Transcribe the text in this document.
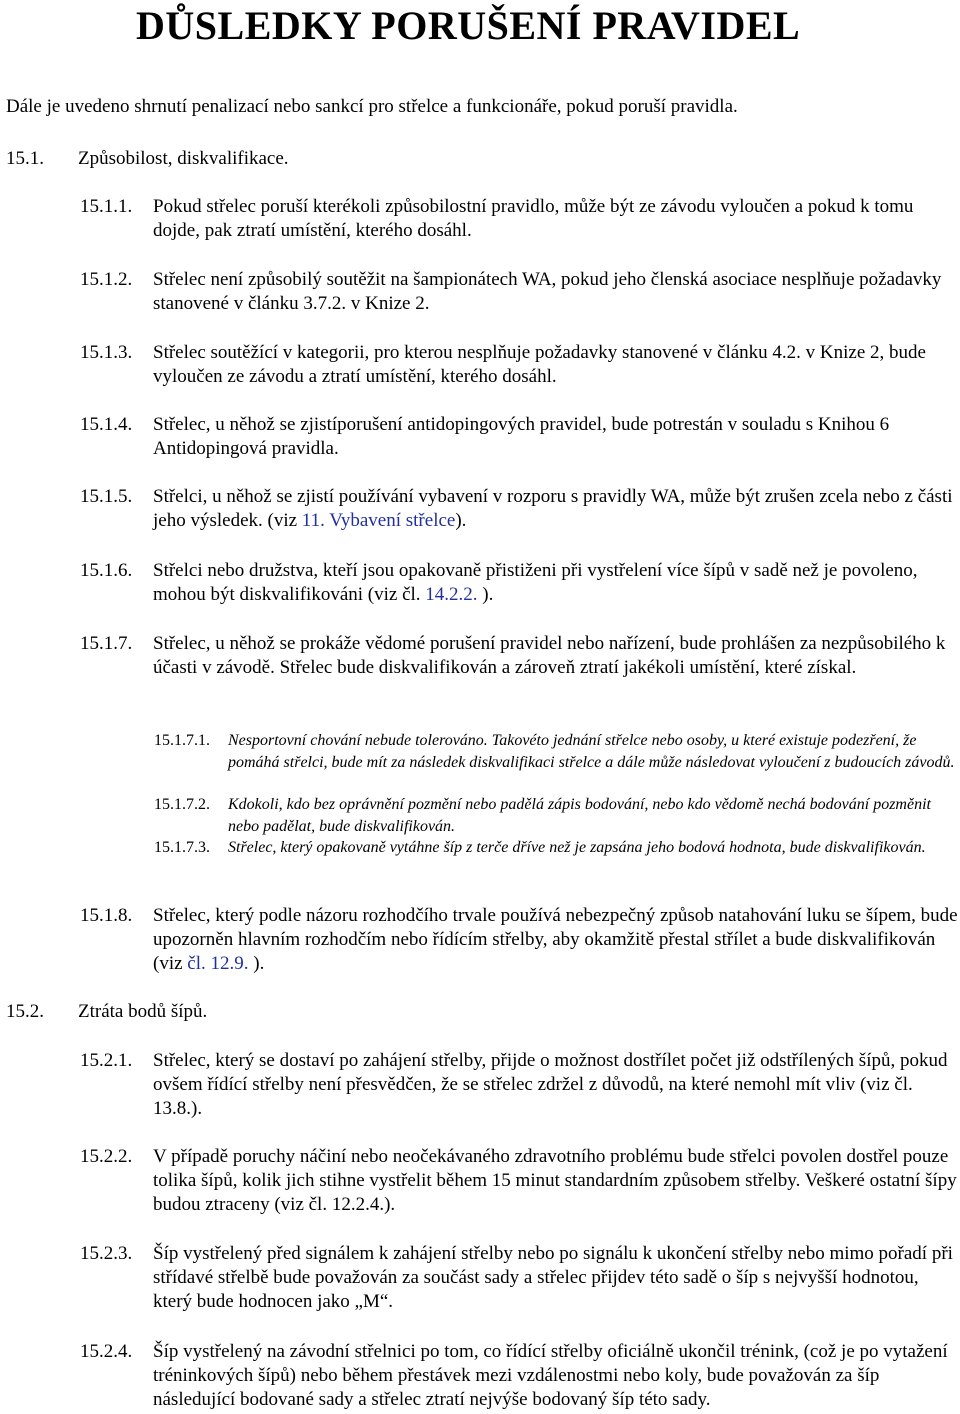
DŮSLEDKY PORUŠENÍ PRAVIDEL
Dále je uvedeno shrnutí penalizací nebo sankcí pro střelce a funkcionáře, pokud poruší pravidla.
15.1. Způsobilost, diskvalifikace.
15.1.1. Pokud střelec poruší kterékoli způsobilostní pravidlo, může být ze závodu vyloučen a pokud k tomu dojde, pak ztratí umístění, kterého dosáhl.
15.1.2. Střelec není způsobilý soutěžit na šampionátech WA, pokud jeho členská asociace nesplňuje požadavky stanovené v článku 3.7.2. v Knize 2.
15.1.3. Střelec soutěžící v kategorii, pro kterou nesplňuje požadavky stanovené v článku 4.2. v Knize 2, bude vyloučen ze závodu a ztratí umístění, kterého dosáhl.
15.1.4. Střelec, u něhož se zjistíporušení antidopingových pravidel, bude potrestán v souladu s Knihou 6 Antidopingová pravidla.
15.1.5. Střelci, u něhož se zjistí používání vybavení v rozporu s pravidly WA, může být zrušen zcela nebo z části jeho výsledek. (viz 11. Vybavení střelce).
15.1.6. Střelci nebo družstva, kteří jsou opakovaně přistiženi při vystřelení více šípů v sadě než je povoleno, mohou být diskvalifikováni (viz čl. 14.2.2. ).
15.1.7. Střelec, u něhož se prokáže vědomé porušení pravidel nebo nařízení, bude prohlášen za nezpůsobilého k účasti v závodě. Střelec bude diskvalifikován a zároveň ztratí jakékoli umístění, které získal.
15.1.7.1. Nesportovní chování nebude tolerováno. Takovéto jednání střelce nebo osoby, u které existuje podezření, že pomáhá střelci, bude mít za následek diskvalifikaci střelce a dále může následovat vyloučení z budoucích závodů.
15.1.7.2. Kdokoli, kdo bez oprávnění pozmění nebo padělá zápis bodování, nebo kdo vědomě nechá bodování pozměnit nebo padělat, bude diskvalifikován.
15.1.7.3. Střelec, který opakovaně vytáhne šíp z terče dříve než je zapsána jeho bodová hodnota, bude diskvalifikován.
15.1.8. Střelec, který podle názoru rozhodčího trvale používá nebezpečný způsob natahování luku se šípem, bude upozorněn hlavním rozhodčím nebo řídícím střelby, aby okamžitě přestal střílet a bude diskvalifikován (viz čl. 12.9. ).
15.2. Ztráta bodů šípů.
15.2.1. Střelec, který se dostaví po zahájení střelby, přijde o možnost dostřílet počet již odstřílených šípů, pokud ovšem řídící střelby není přesvědčen, že se střelec zdržel z důvodů, na které nemohl mít vliv (viz čl. 13.8.).
15.2.2. V případě poruchy náčiní nebo neočekávaného zdravotního problému bude střelci povolen dostřel pouze tolika šípů, kolik jich stihne vystřelit během 15 minut standardním způsobem střelby. Veškeré ostatní šípy budou ztraceny (viz čl. 12.2.4.).
15.2.3. Šíp vystřelený před signálem k zahájení střelby nebo po signálu k ukončení střelby nebo mimo pořadí při střídavé střelbě bude považován za součást sady a střelec přijdev této sadě o šíp s nejvyšší hodnotou, který bude hodnocen jako „M“.
15.2.4. Šíp vystřelený na závodní střelnici po tom, co řídící střelby oficiálně ukončil trénink, (což je po vytažení tréninkových šípů) nebo během přestávek mezi vzdálenostmi nebo koly, bude považován za šíp následující bodované sady a střelec ztratí nejvýše bodovaný šíp této sady.
